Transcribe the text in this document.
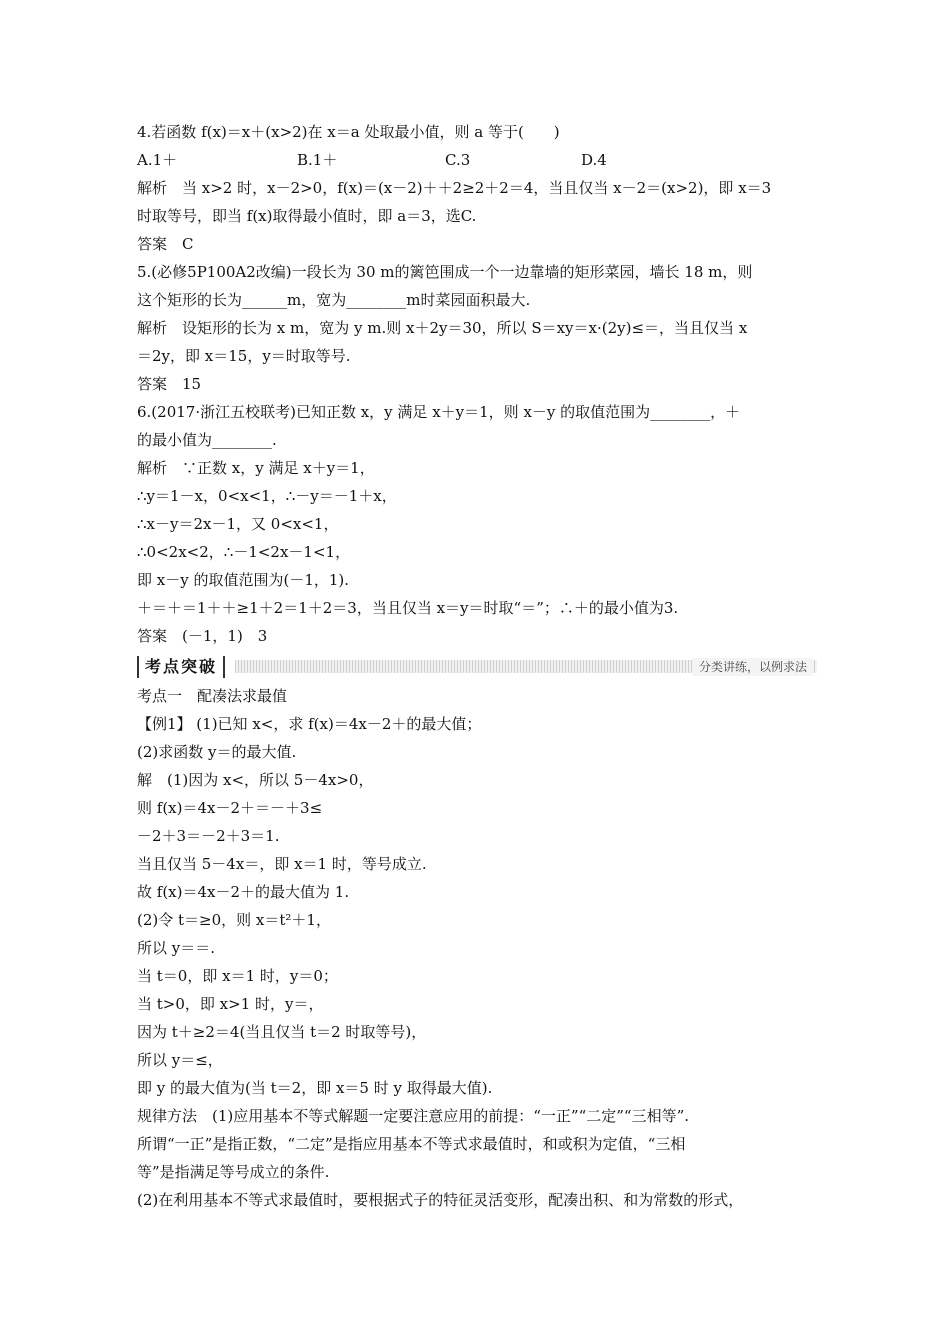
4.若函数 f(x)＝x＋(x>2)在 x＝a 处取最小值，则 a 等于(　　)
A.1＋	B.1＋	C.3	D.4
解析　当 x>2 时，x－2>0，f(x)＝(x－2)＋＋2≥2＋2＝4，当且仅当 x－2＝(x>2)，即 x＝3
时取等号，即当 f(x)取得最小值时，即 a＝3，选C.
答案　C
5.(必修5P100A2改编)一段长为 30 m的篱笆围成一个一边靠墙的矩形菜园，墙长 18 m，则
这个矩形的长为______m，宽为________m时菜园面积最大.
解析　设矩形的长为 x m，宽为 y m.则 x＋2y＝30，所以 S＝xy＝x·(2y)≤＝，当且仅当 x
＝2y，即 x＝15，y＝时取等号.
答案　15
6.(2017·浙江五校联考)已知正数 x，y 满足 x＋y＝1，则 x－y 的取值范围为________，＋
的最小值为________.
解析　∵正数 x，y 满足 x＋y＝1，
∴y＝1－x，0<x<1，∴－y＝－1＋x，
∴x－y＝2x－1，又 0<x<1，
∴0<2x<2，∴－1<2x－1<1，
即 x－y 的取值范围为(－1，1).
＋＝＋＝1＋＋≥1＋2＝1＋2＝3，当且仅当 x＝y＝时取“＝”；∴＋的最小值为3.
答案　(－1，1)　3
考点突破	分类讲练，以例求法
考点一　配凑法求最值
【例1】 (1)已知 x<，求 f(x)＝4x－2＋的最大值；
(2)求函数 y＝的最大值.
解　(1)因为 x<，所以 5－4x>0，
则 f(x)＝4x－2＋＝－＋3≤
－2＋3＝－2＋3＝1.
当且仅当 5－4x＝，即 x＝1 时，等号成立.
故 f(x)＝4x－2＋的最大值为 1.
(2)令 t＝≥0，则 x＝t²＋1，
所以 y＝＝.
当 t＝0，即 x＝1 时，y＝0；
当 t>0，即 x>1 时，y＝，
因为 t＋≥2＝4(当且仅当 t＝2 时取等号)，
所以 y＝≤，
即 y 的最大值为(当 t＝2，即 x＝5 时 y 取得最大值).
规律方法　(1)应用基本不等式解题一定要注意应用的前提：“一正”“二定”“三相等”.
所谓“一正”是指正数，“二定”是指应用基本不等式求最值时，和或积为定值，“三相
等”是指满足等号成立的条件.
(2)在利用基本不等式求最值时，要根据式子的特征灵活变形，配凑出积、和为常数的形式，
